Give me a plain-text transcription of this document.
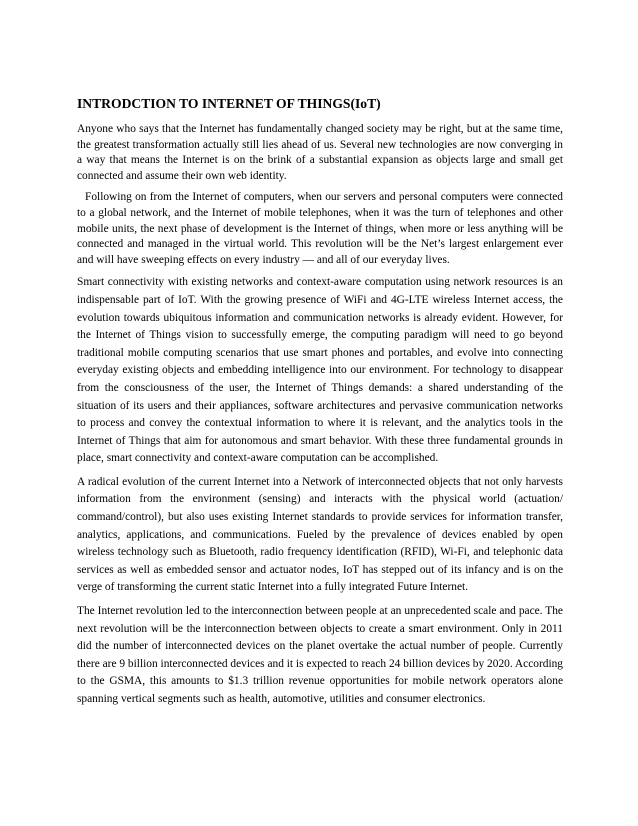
INTRODCTION TO INTERNET OF THINGS(IoT)

Anyone who says that the Internet has fundamentally changed society may be right, but at the same time, the greatest transformation actually still lies ahead of us. Several new technologies are now converging in a way that means the Internet is on the brink of a substantial expansion as objects large and small get connected and assume their own web identity.

Following on from the Internet of computers, when our servers and personal computers were connected to a global network, and the Internet of mobile telephones, when it was the turn of telephones and other mobile units, the next phase of development is the Internet of things, when more or less anything will be connected and managed in the virtual world. This revolution will be the Net’s largest enlargement ever and will have sweeping effects on every industry — and all of our everyday lives.

Smart connectivity with existing networks and context-aware computation using network resources is an indispensable part of IoT. With the growing presence of WiFi and 4G-LTE wireless Internet access, the evolution towards ubiquitous information and communication networks is already evident. However, for the Internet of Things vision to successfully emerge, the computing paradigm will need to go beyond traditional mobile computing scenarios that use smart phones and portables, and evolve into connecting everyday existing objects and embedding intelligence into our environment. For technology to disappear from the consciousness of the user, the Internet of Things demands: a shared understanding of the situation of its users and their appliances, software architectures and pervasive communication networks to process and convey the contextual information to where it is relevant, and the analytics tools in the Internet of Things that aim for autonomous and smart behavior. With these three fundamental grounds in place, smart connectivity and context-aware computation can be accomplished.

A radical evolution of the current Internet into a Network of interconnected objects that not only harvests information from the environment (sensing) and interacts with the physical world (actuation/ command/control), but also uses existing Internet standards to provide services for information transfer, analytics, applications, and communications. Fueled by the prevalence of devices enabled by open wireless technology such as Bluetooth, radio frequency identification (RFID), Wi-Fi, and telephonic data services as well as embedded sensor and actuator nodes, IoT has stepped out of its infancy and is on the verge of transforming the current static Internet into a fully integrated Future Internet.

The Internet revolution led to the interconnection between people at an unprecedented scale and pace. The next revolution will be the interconnection between objects to create a smart environment. Only in 2011 did the number of interconnected devices on the planet overtake the actual number of people. Currently there are 9 billion interconnected devices and it is expected to reach 24 billion devices by 2020. According to the GSMA, this amounts to $1.3 trillion revenue opportunities for mobile network operators alone spanning vertical segments such as health, automotive, utilities and consumer electronics.
